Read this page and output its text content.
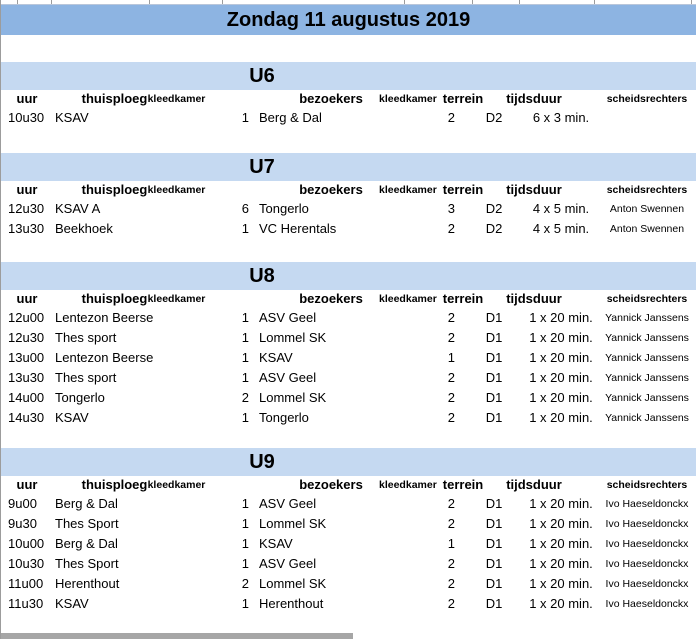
Zondag 11 augustus 2019
U6
uur	thuisploeg kleedkamer	bezoekers	kleedkamer terrein	tijdsduur	scheidsrechters
10u30 KSAV	1 Berg & Dal	2	D2	6 x 3 min.
U7
uur	thuisploeg kleedkamer	bezoekers	kleedkamer terrein	tijdsduur	scheidsrechters
12u30 KSAV A	6 Tongerlo	3	D2	4 x 5 min.	Anton Swennen
13u30 Beekhoek	1 VC Herentals	2	D2	4 x 5 min.	Anton Swennen
U8
uur	thuisploeg kleedkamer	bezoekers	kleedkamer terrein	tijdsduur	scheidsrechters
12u00 Lentezon Beerse	1 ASV Geel	2	D1	1 x 20 min.	Yannick Janssens
12u30 Thes sport	1 Lommel SK	2	D1	1 x 20 min.	Yannick Janssens
13u00 Lentezon Beerse	1 KSAV	1	D1	1 x 20 min.	Yannick Janssens
13u30 Thes sport	1 ASV Geel	2	D1	1 x 20 min.	Yannick Janssens
14u00 Tongerlo	2 Lommel SK	2	D1	1 x 20 min.	Yannick Janssens
14u30 KSAV	1 Tongerlo	2	D1	1 x 20 min.	Yannick Janssens
U9
uur	thuisploeg kleedkamer	bezoekers	kleedkamer terrein	tijdsduur	scheidsrechters
9u00	Berg & Dal	1 ASV Geel	2	D1	1 x 20 min.	Ivo Haeseldonckx
9u30	Thes Sport	1 Lommel SK	2	D1	1 x 20 min.	Ivo Haeseldonckx
10u00 Berg & Dal	1 KSAV	1	D1	1 x 20 min.	Ivo Haeseldonckx
10u30 Thes Sport	1 ASV Geel	2	D1	1 x 20 min.	Ivo Haeseldonckx
11u00 Herenthout	2 Lommel SK	2	D1	1 x 20 min.	Ivo Haeseldonckx
11u30 KSAV	1 Herenthout	2	D1	1 x 20 min.	Ivo Haeseldonckx
